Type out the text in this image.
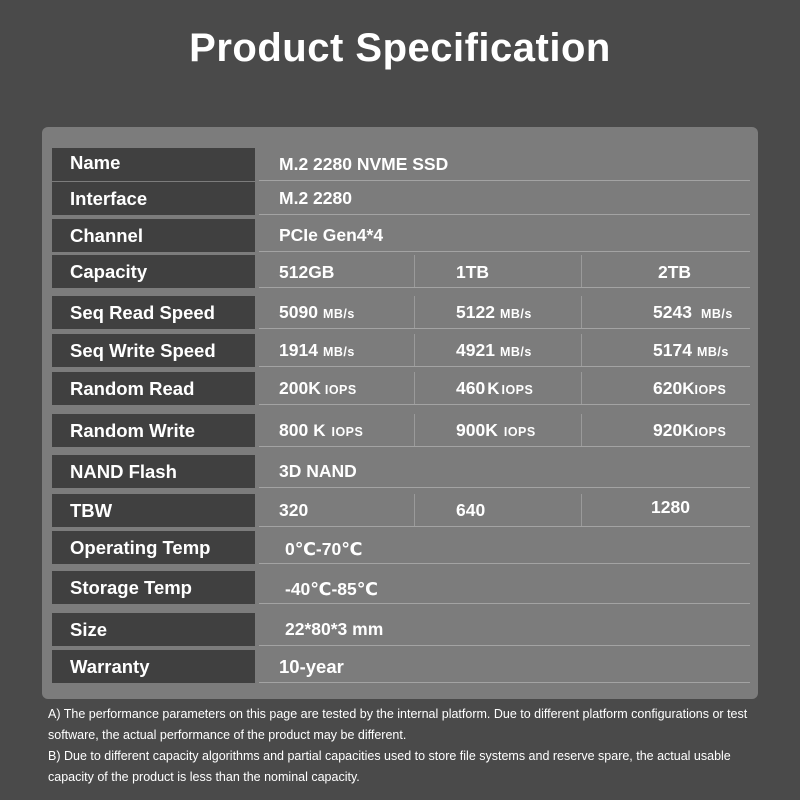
Product Specification
Name	M.2 2280 NVME SSD
Interface	M.2 2280
Channel	PCIe Gen4*4
Capacity	512GB	1TB	2TB
Seq Read Speed	5090 MB/s	5122 MB/s	5243 MB/s
Seq Write Speed	1914 MB/s	4921 MB/s	5174 MB/s
Random Read	200K IOPS	460 K IOPS	620KIOPS
Random Write	800 K IOPS	900K IOPS	920KIOPS
NAND Flash	3D NAND
TBW	320	640	1280
Operating Temp	0℃-70℃
Storage Temp	-40℃-85℃
Size	22*80*3 mm
Warranty	10-year

A) The performance parameters on this page are tested by the internal platform. Due to different platform configurations or test software, the actual performance of the product may be different.

B) Due to different capacity algorithms and partial capacities used to store file systems and reserve spare, the actual usable capacity of the product is less than the nominal capacity.
